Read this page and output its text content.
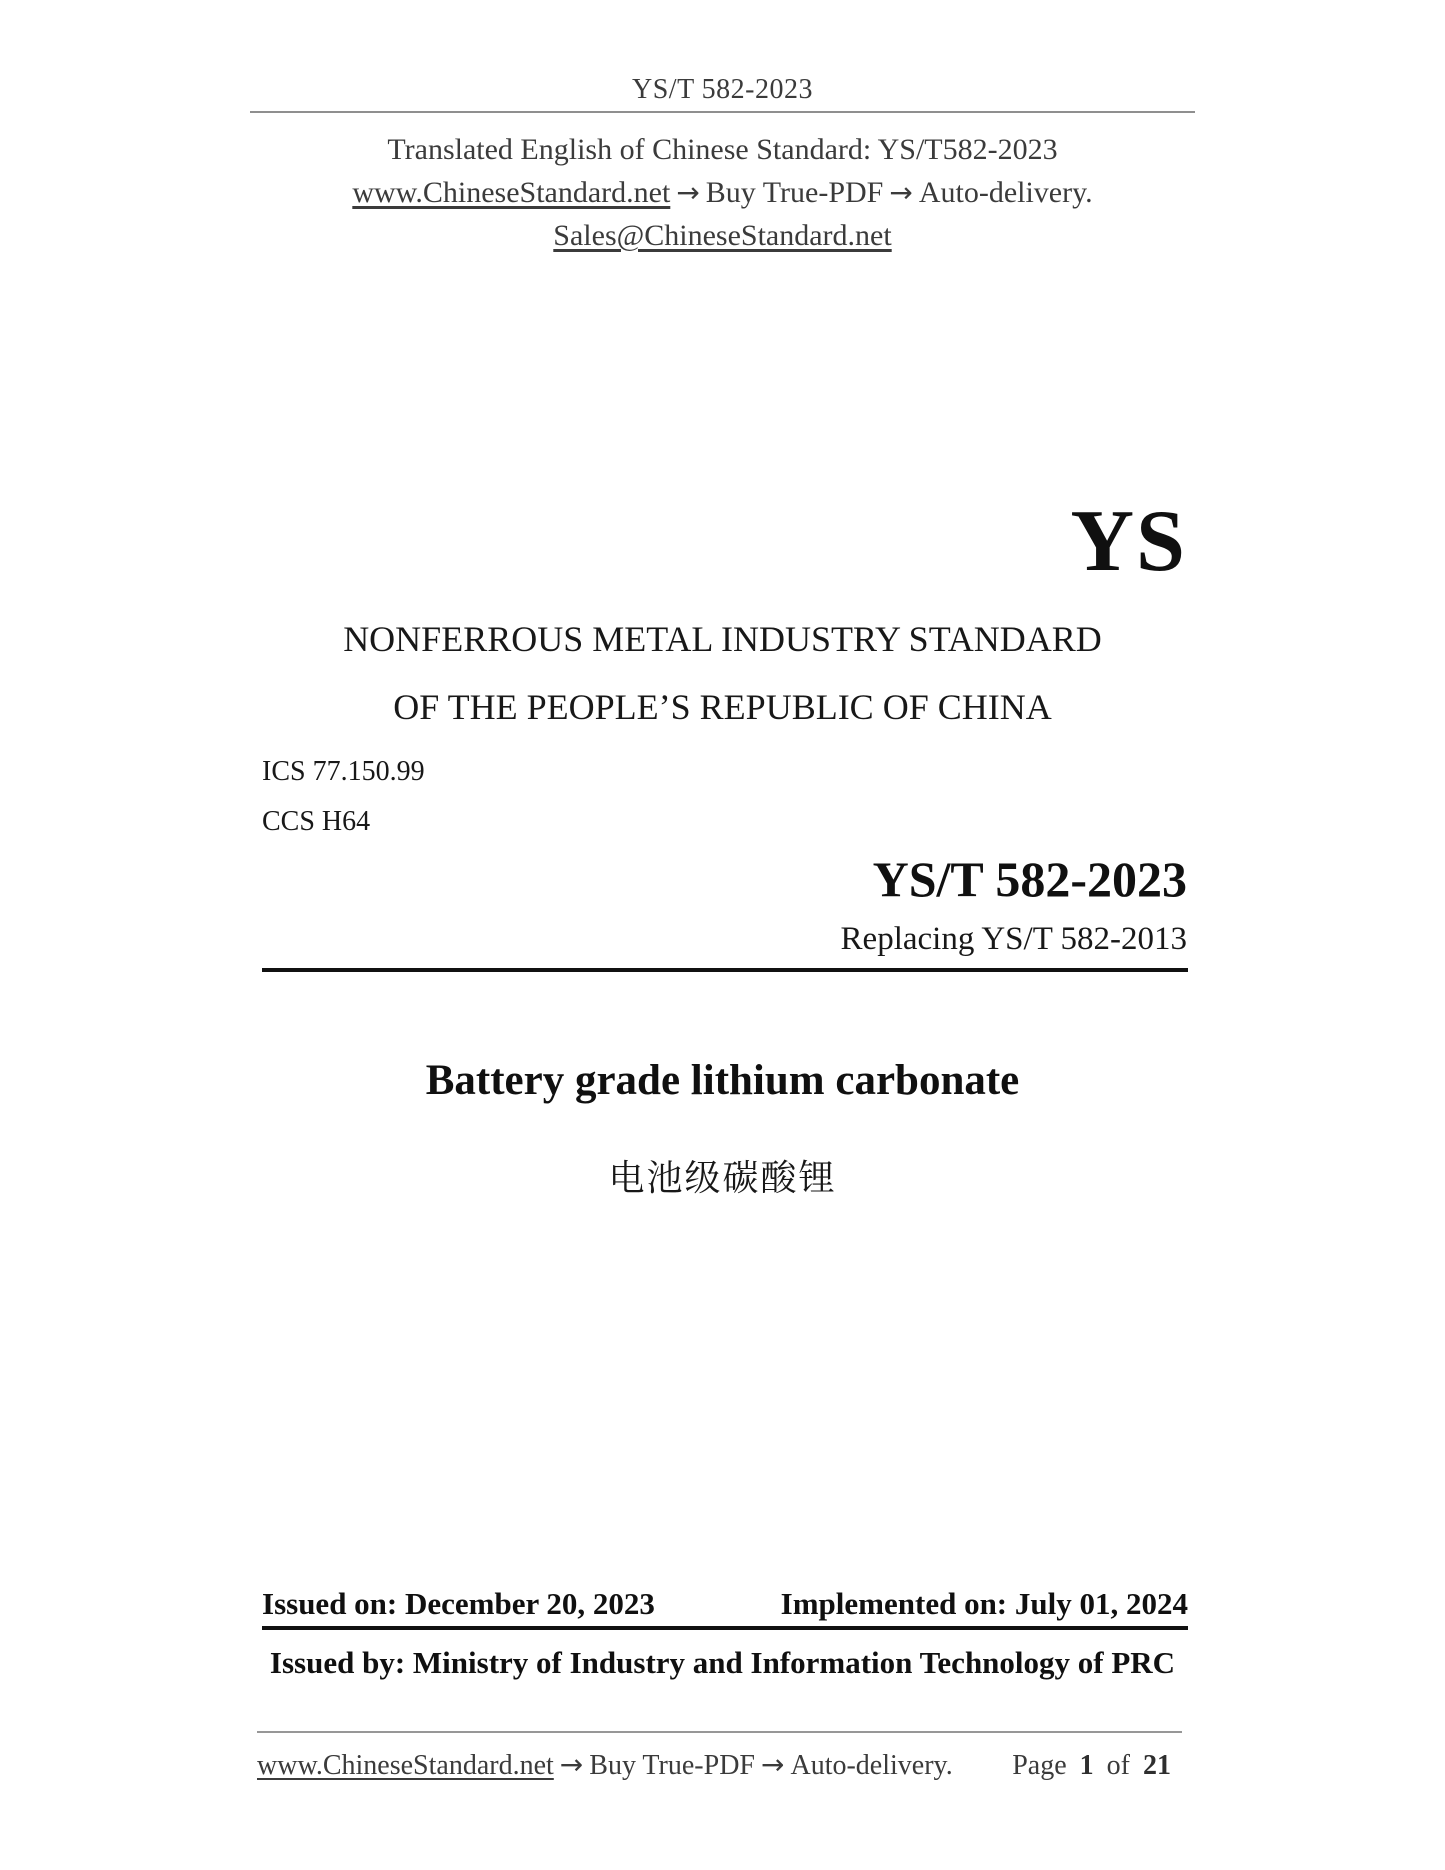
YS/T 582-2023
Translated English of Chinese Standard: YS/T582-2023
www.ChineseStandard.net → Buy True-PDF → Auto-delivery.
Sales@ChineseStandard.net
YS
NONFERROUS METAL INDUSTRY STANDARD
OF THE PEOPLE’S REPUBLIC OF CHINA
ICS 77.150.99
CCS H64
YS/T 582-2023
Replacing YS/T 582-2013
Battery grade lithium carbonate
电池级碳酸锂
Issued on: December 20, 2023	Implemented on: July 01, 2024
Issued by: Ministry of Industry and Information Technology of PRC
www.ChineseStandard.net → Buy True-PDF → Auto-delivery. Page 1 of 21
